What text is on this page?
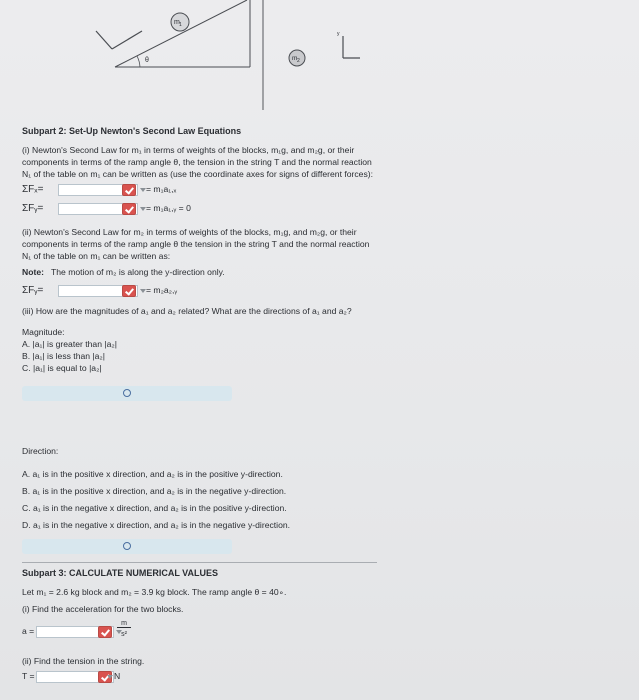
m 1
θ	m 2
y
Subpart 2: Set-Up Newton's Second Law Equations
(i) Newton's Second Law for m₁ in terms of weights of the blocks, m₁g, and m₂g, or their
components in terms of the ramp angle θ, the tension in the string T and the normal reaction
N₁ of the table on m₁ can be written as (use the coordinate axes for signs of different forces):
ΣFₓ=	= m₁a₁,ₓ
ΣFᵧ=	= m₁a₁,ᵧ = 0
(ii) Newton's Second Law for m₂ in terms of weights of the blocks, m₁g, and m₂g, or their
components in terms of the ramp angle θ the tension in the string T and the normal reaction
N₁ of the table on m₁ can be written as:
Note: The motion of m₂ is along the y-direction only.
ΣFᵧ=	= m₂a₂,ᵧ
(iii) How are the magnitudes of a₁ and a₂ related? What are the directions of a₁ and a₂?
Magnitude:
A. |a₁| is greater than |a₂|
B. |a₁| is less than |a₂|
C. |a₁| is equal to |a₂|
Direction:
A. a₁ is in the positive x direction, and a₂ is in the positive y-direction.
B. a₁ is in the positive x direction, and a₂ is in the negative y-direction.
C. a₁ is in the negative x direction, and a₂ is in the positive y-direction.
D. a₁ is in the negative x direction, and a₂ is in the negative y-direction.
Subpart 3: CALCULATE NUMERICAL VALUES
Let m₁ = 2.6 kg block and m₂ = 3.9 kg block. The ramp angle θ = 40∘.
(i) Find the acceleration for the two blocks.
a =
m
s²
(ii) Find the tension in the string.
T =	N
